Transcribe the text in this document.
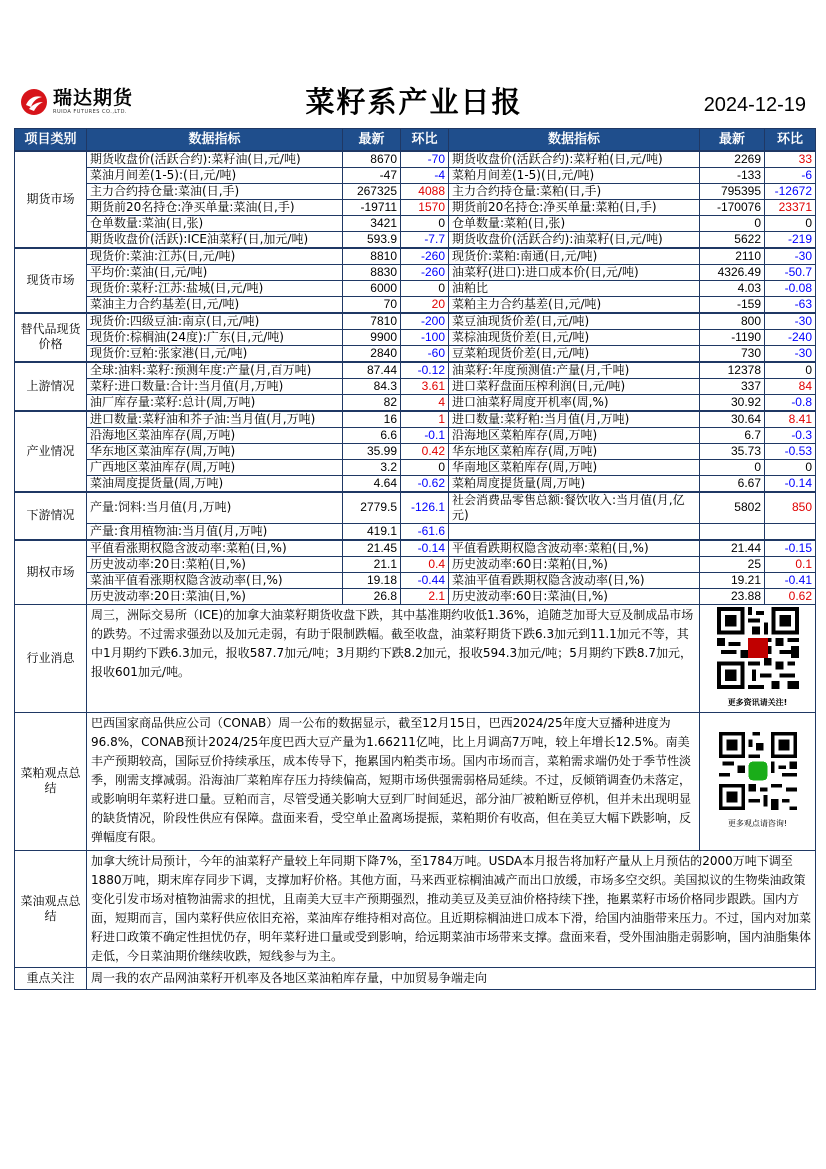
瑞达期货
RUIDA FUTURES CO.,LTD.	菜籽系产业日报	2024-12-19
项目类别	数据指标	最新	环比	数据指标	最新	环比
期货市场	期货收盘价(活跃合约):菜籽油(日,元/吨)	8670	-70	期货收盘价(活跃合约):菜籽粕(日,元/吨)	2269	33
	菜油月间差(1-5):(日,元/吨)	-47	-4	菜粕月间差(1-5)(日,元/吨)	-133	-6
	主力合约持仓量:菜油(日,手)	267325	4088	主力合约持仓量:菜粕(日,手)	795395	-12672
	期货前20名持仓:净买单量:菜油(日,手)	-19711	1570	期货前20名持仓:净买单量:菜粕(日,手)	-170076	23371
	仓单数量:菜油(日,张)	3421	0	仓单数量:菜粕(日,张)	0	0
	期货收盘价(活跃):ICE油菜籽(日,加元/吨)	593.9	-7.7	期货收盘价(活跃合约):油菜籽(日,元/吨)	5622	-219
现货市场	现货价:菜油:江苏(日,元/吨)	8810	-260	现货价:菜粕:南通(日,元/吨)	2110	-30
	平均价:菜油(日,元/吨)	8830	-260	油菜籽(进口):进口成本价(日,元/吨)	4326.49	-50.7
	现货价:菜籽:江苏:盐城(日,元/吨)	6000	0	油粕比	4.03	-0.08
	菜油主力合约基差(日,元/吨)	70	20	菜粕主力合约基差(日,元/吨)	-159	-63
替代品现货价格	现货价:四级豆油:南京(日,元/吨)	7810	-200	菜豆油现货价差(日,元/吨)	800	-30
	现货价:棕榈油(24度):广东(日,元/吨)	9900	-100	菜棕油现货价差(日,元/吨)	-1190	-240
	现货价:豆粕:张家港(日,元/吨)	2840	-60	豆菜粕现货价差(日,元/吨)	730	-30
上游情况	全球:油料:菜籽:预测年度:产量(月,百万吨)	87.44	-0.12	油菜籽:年度预测值:产量(月,千吨)	12378	0
	菜籽:进口数量:合计:当月值(月,万吨)	84.3	3.61	进口菜籽盘面压榨利润(日,元/吨)	337	84
	油厂库存量:菜籽:总计(周,万吨)	82	4	进口油菜籽周度开机率(周,%)	30.92	-0.8
产业情况	进口数量:菜籽油和芥子油:当月值(月,万吨)	16	1	进口数量:菜籽粕:当月值(月,万吨)	30.64	8.41
	沿海地区菜油库存(周,万吨)	6.6	-0.1	沿海地区菜粕库存(周,万吨)	6.7	-0.3
	华东地区菜油库存(周,万吨)	35.99	0.42	华东地区菜粕库存(周,万吨)	35.73	-0.53
	广西地区菜油库存(周,万吨)	3.2	0	华南地区菜粕库存(周,万吨)	0	0
	菜油周度提货量(周,万吨)	4.64	-0.62	菜粕周度提货量(周,万吨)	6.67	-0.14
下游情况	产量:饲料:当月值(月,万吨)	2779.5	-126.1	社会消费品零售总额:餐饮收入:当月值(月,亿元)	5802	850
	产量:食用植物油:当月值(月,万吨)	419.1	-61.6			
期权市场	平值看涨期权隐含波动率:菜粕(日,%)	21.45	-0.14	平值看跌期权隐含波动率:菜粕(日,%)	21.44	-0.15
	历史波动率:20日:菜粕(日,%)	21.1	0.4	历史波动率:60日:菜粕(日,%)	25	0.1
	菜油平值看涨期权隐含波动率(日,%)	19.18	-0.44	菜油平值看跌期权隐含波动率(日,%)	19.21	-0.41
	历史波动率:20日:菜油(日,%)	26.8	2.1	历史波动率:60日:菜油(日,%)	23.88	0.62
行业消息	周三，洲际交易所（ICE)的加拿大油菜籽期货收盘下跌，其中基准期约收低1.36%，追随芝加哥大豆及制成品市场的跌势。不过需求强劲以及加元走弱，有助于限制跌幅。截至收盘，油菜籽期货下跌6.3加元到11.1加元不等，其中1月期约下跌6.3加元，报收587.7加元/吨；3月期约下跌8.2加元，报收594.3加元/吨；5月期约下跌8.7加元，报收601加元/吨。				更多资讯请关注!	

菜粕观点总结	巴西国家商品供应公司（CONAB）周一公布的数据显示，截至12月15日，巴西2024/25年度大豆播种进度为96.8%，CONAB预计2024/25年度巴西大豆产量为1.66211亿吨，比上月调高7万吨，较上年增长12.5%。南美丰产预期较高，国际豆价持续承压，成本传导下，拖累国内粕类市场。国内市场而言，菜粕需求端仍处于季节性淡季，刚需支撑减弱。沿海油厂菜粕库存压力持续偏高，短期市场供强需弱格局延续。不过，反倾销调查仍未落定，或影响明年菜籽进口量。豆粕而言，尽管受通关影响大豆到厂时间延迟，部分油厂被粕断豆停机，但并未出现明显的缺货情况，阶段性供应有保障。盘面来看，受空单止盈离场提振，菜粕期价有收高，但在美豆大幅下跌影响，反弹幅度有限。				更多观点请咨询!	

菜油观点总结	加拿大统计局预计，今年的油菜籽产量较上年同期下降7%，至1784万吨。USDA本月报告将加籽产量从上月预估的2000万吨下调至1880万吨，期末库存同步下调，支撑加籽价格。其他方面，马来西亚棕榈油减产而出口放缓，市场多空交织。美国拟议的生物柴油政策变化引发市场对植物油需求的担忧，且南美大豆丰产预期强烈，推动美豆及美豆油价格持续下挫，拖累菜籽市场价格同步跟跌。国内方面，短期而言，国内菜籽供应依旧充裕，菜油库存维持相对高位。且近期棕榈油进口成本下滑，给国内油脂带来压力。不过，国内对加菜籽进口政策不确定性担忧仍存，明年菜籽进口量或受到影响，给远期菜油市场带来支撑。盘面来看，受外围油脂走弱影响，国内油脂集体走低，今日菜油期价继续收跌，短线参与为主。					
重点关注	周一我的农产品网油菜籽开机率及各地区菜油粕库存量，中加贸易争端走向					
